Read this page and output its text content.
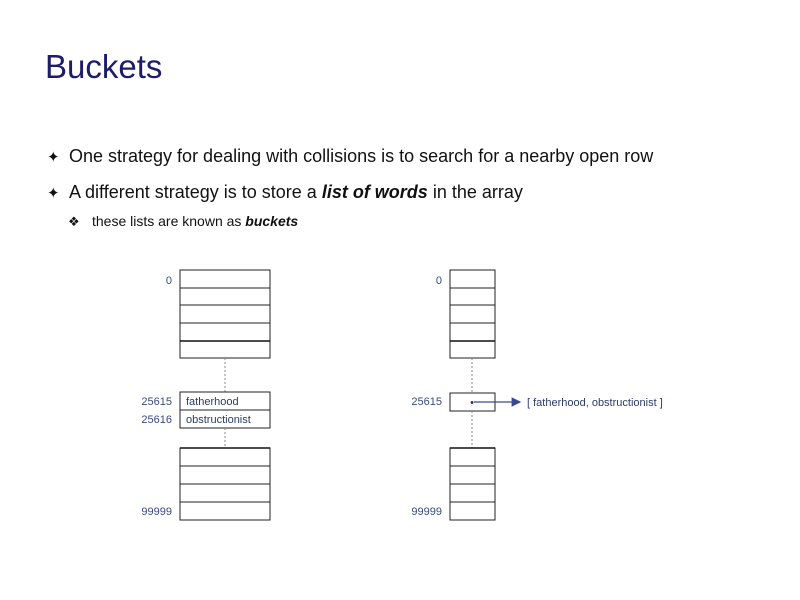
Buckets
✦ One strategy for dealing with collisions is to search for a nearby open row
✦ A different strategy is to store a list of words in the array
❖ these lists are known as buckets
fatherhood
obstructionist
0
25615
25616
99999
•	[ fatherhood, obstructionist ]
0
25615
99999
